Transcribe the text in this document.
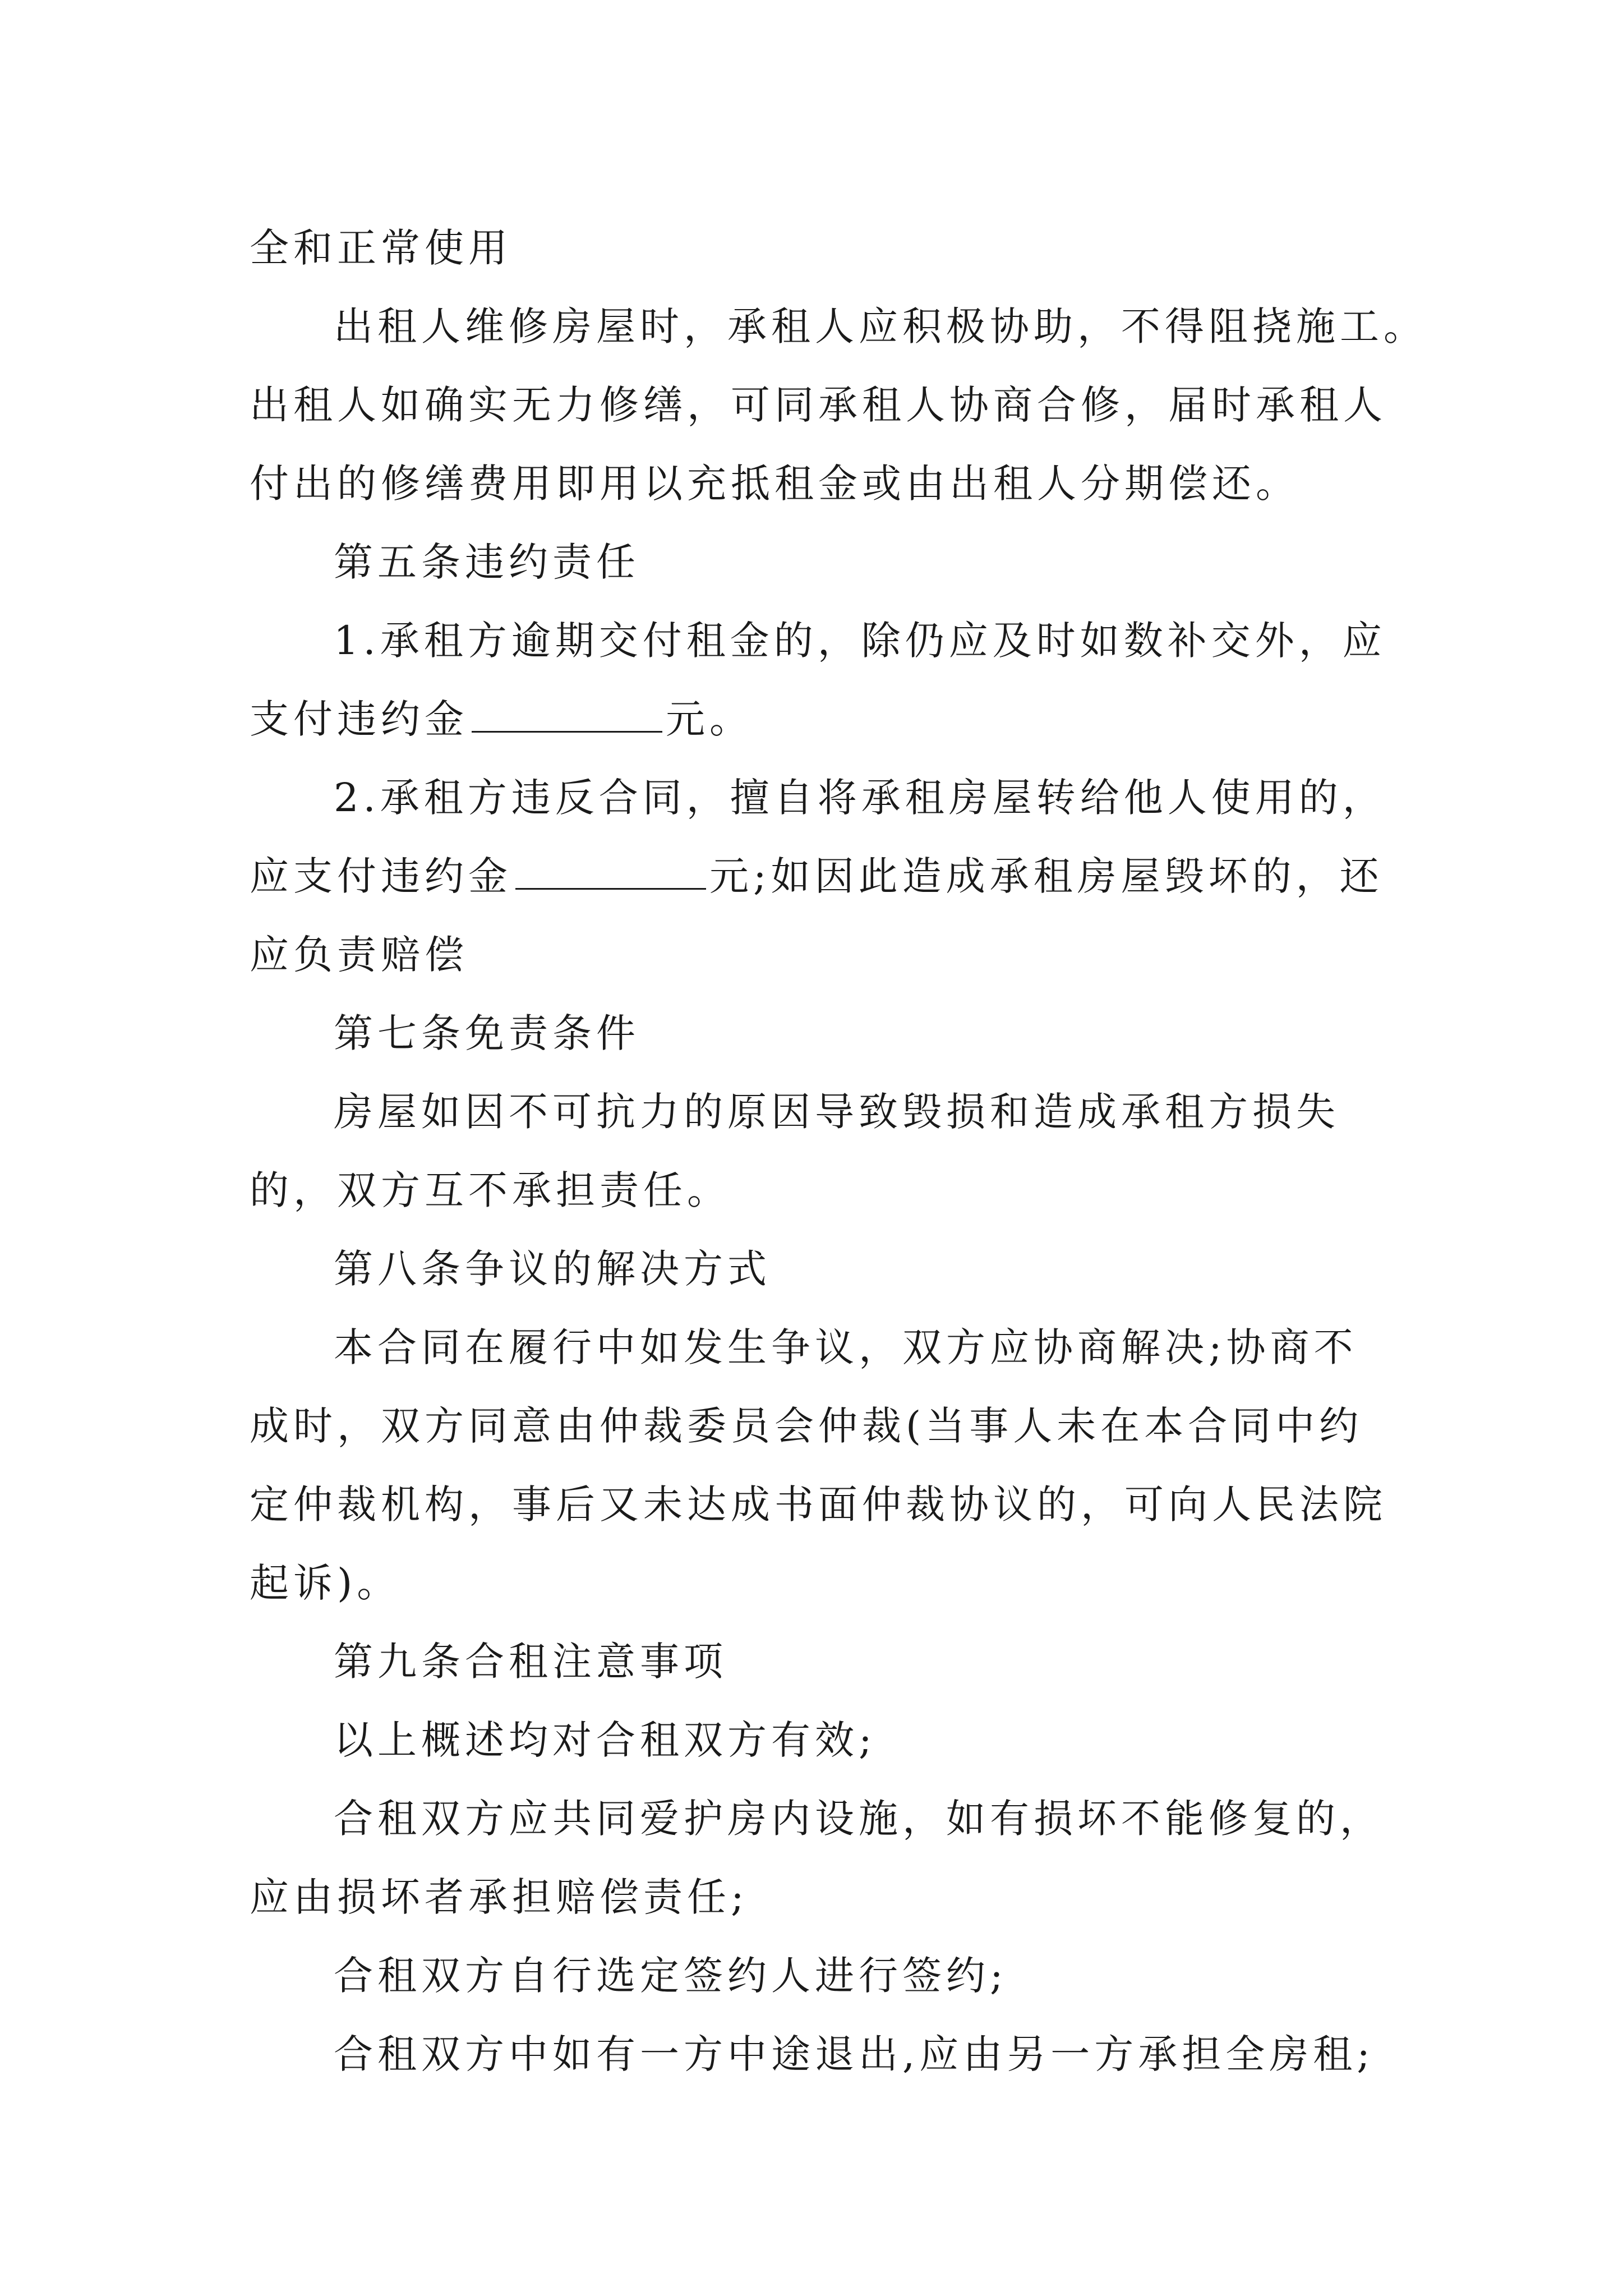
全和正常使用
出租人维修房屋时，承租人应积极协助，不得阻挠施工。
出租人如确实无力修缮，可同承租人协商合修，届时承租人
付出的修缮费用即用以充抵租金或由出租人分期偿还。
第五条违约责任
1.承租方逾期交付租金的，除仍应及时如数补交外，应
支付违约金	元。
2.承租方违反合同，擅自将承租房屋转给他人使用的，
应支付违约金	元;如因此造成承租房屋毁坏的，还
应负责赔偿
第七条免责条件
房屋如因不可抗力的原因导致毁损和造成承租方损失
的，双方互不承担责任。
第八条争议的解决方式
本合同在履行中如发生争议，双方应协商解决;协商不
成时，双方同意由仲裁委员会仲裁(当事人未在本合同中约
定仲裁机构，事后又未达成书面仲裁协议的，可向人民法院
起诉)。
第九条合租注意事项
以上概述均对合租双方有效;
合租双方应共同爱护房内设施，如有损坏不能修复的，
应由损坏者承担赔偿责任;
合租双方自行选定签约人进行签约;
合租双方中如有一方中途退出,应由另一方承担全房租;
